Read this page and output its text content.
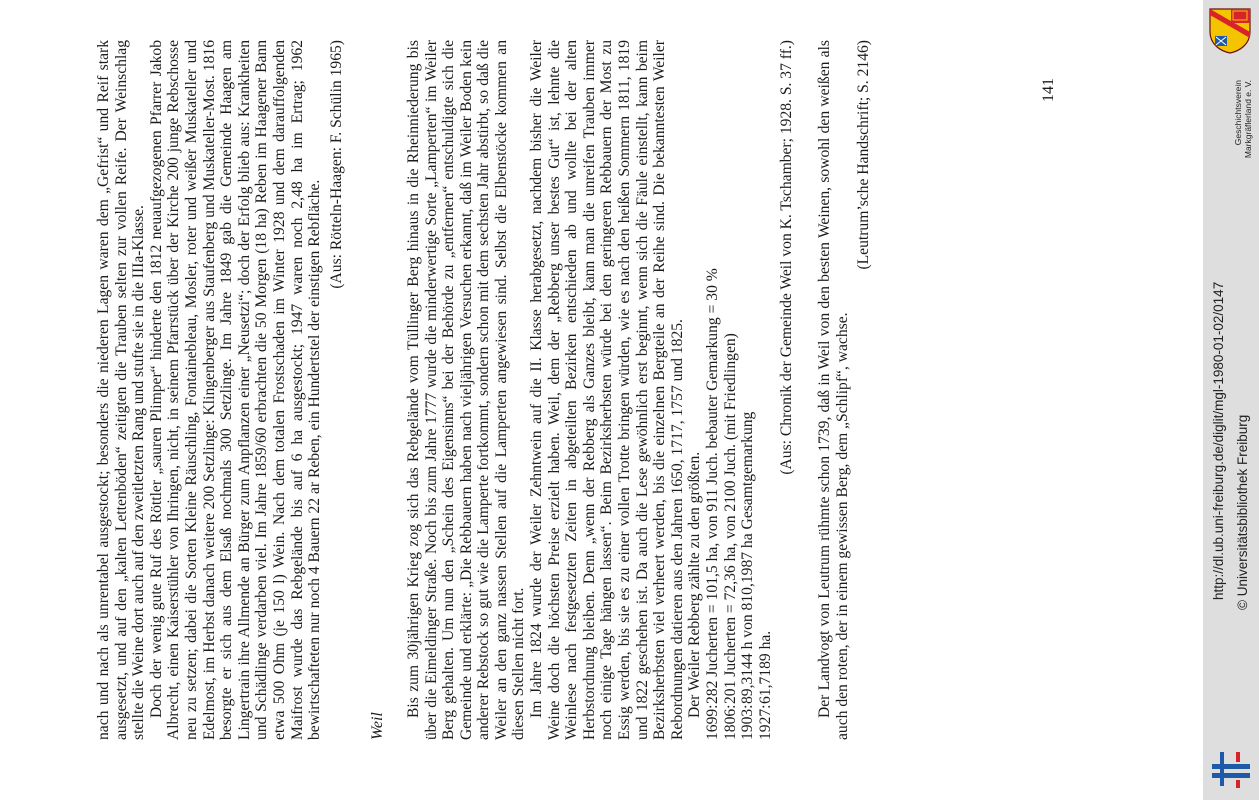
nach und nach als unrentabel ausgestockt; besonders die niederen Lagen waren dem „Gefrist“ und Reif stark ausgesetzt, und auf den „kalten Lettenböden“ zeitigten die Trauben selten zur vollen Reife. Der Weinschlag stellte die Weine dort auch auf den zweitletzten Rang und stufte sie in die IIIa-Klasse. Doch der wenig gute Ruf des Röttler „sauren Plimper“ hinderte den 1812 neuaufgezogenen Pfarrer Jakob Albrecht, einen Kaiserstühler von Ihringen, nicht, in seinem Pfarrstück über der Kirche 200 junge Rebschosse neu zu setzen; dabei die Sorten Kleine Räuschling, Fontainebleau, Mosler, roter und weißer Muskateller und Edelmost, im Herbst danach weitere 200 Setzlinge: Klingenberger aus Staufenberg und Muskateller-Most. 1816 besorgte er sich aus dem Elsaß nochmals 300 Setzlinge. Im Jahre 1849 gab die Gemeinde Haagen am Lingertrain ihre Allmende an Bürger zum Anpflanzen einer „Neusetzi“; doch der Erfolg blieb aus: Krankheiten und Schädlinge verdarben viel. Im Jahre 1859/60 erbrachten die 50 Morgen (18 ha) Reben im Haagener Bann etwa 500 Ohm (je 150 l) Wein. Nach dem totalen Frostschaden im Winter 1928 und dem darauffolgenden Maifrost wurde das Rebgelände bis auf 6 ha ausgestockt; 1947 waren noch 2,48 ha im Ertrag; 1962 bewirtschafteten nur noch 4 Bauern 22 ar Reben, ein Hundertstel der einstigen Rebfläche.

(Aus: Rötteln-Haagen: F. Schülin 1965)
Weil

Bis zum 30jährigen Krieg zog sich das Rebgelände vom Tüllinger Berg hinaus in die Rheinniederung bis über die Eimeldinger Straße. Noch bis zum Jahre 1777 wurde die minderwertige Sorte „Lamperten“ im Weiler Berg gehalten. Um nun den „Schein des Eigensinns“ bei der Behörde zu „entfernen“ entschuldigte sich die Gemeinde und erklärte: „Die Rebbauern haben nach vieljährigen Versuchen erkannt, daß im Weiler Boden kein anderer Rebstock so gut wie die Lamperte fortkommt, sondern schon mit dem sechsten Jahr abstirbt, so daß die Weiler an den ganz nassen Stellen auf die Lamperten angewiesen sind. Selbst die Elbenstöcke kommen an diesen Stellen nicht fort. Im Jahre 1824 wurde der Weiler Zehntwein auf die II. Klasse herabgesetzt, nachdem bisher die Weiler Weine doch die höchsten Preise erzielt haben. Weil, dem der „Rebberg unser bestes Gut“ ist, lehnte die Weinlese nach festgesetzten Zeiten in abgeteilten Bezirken entschieden ab und wollte bei der alten Herbstordnung bleiben. Denn „wenn der Rebberg als Ganzes bleibt, kann man die unreifen Trauben immer noch einige Tage hängen lassen“. Beim Bezirksherbsten würde bei den geringeren Rebbauern der Most zu Essig werden, bis sie es zu einer vollen Trotte bringen würden, wie es nach den heißen Sommern 1811, 1819 und 1822 geschehen ist. Da auch die Lese gewöhnlich erst beginnt, wenn sich die Fäule einstellt, kann beim Bezirksherbsten viel verheert werden, bis die einzelnen Bergteile an der Reihe sind. Die bekanntesten Weiler Rebordnungen datieren aus den Jahren 1650, 1717, 1757 und 1825. Der Weiler Rebberg zählte zu den größten.

1699:
282 Jucherten = 101,5 ha, von 911 Juch. bebauter Gemarkung = 30 %
1806:
201 Jucherten = 72,36 ha, von 2100 Juch. (mit Friedlingen)
1903:
89,3144 h von 810,1987 ha Gesamtgemarkung
1927:
61,7189 ha.
(Aus: Chronik der Gemeinde Weil von K. Tschamber; 1928. S. 37 ff.) Der Landvogt von Leutrum rühmte schon 1739, daß in Weil von den besten Weinen, sowohl den weißen als auch den roten, der in einem gewissen Berg, dem „Schlipf“, wachse.

(Leutrum’sche Handschrift; S. 2146)	141
http://dl.ub.uni-freiburg.de/diglit/mgl-1980-01-02/0147 © Universitätsbibliothek Freiburg
Geschichtsverein Markgräflerland e. V.
